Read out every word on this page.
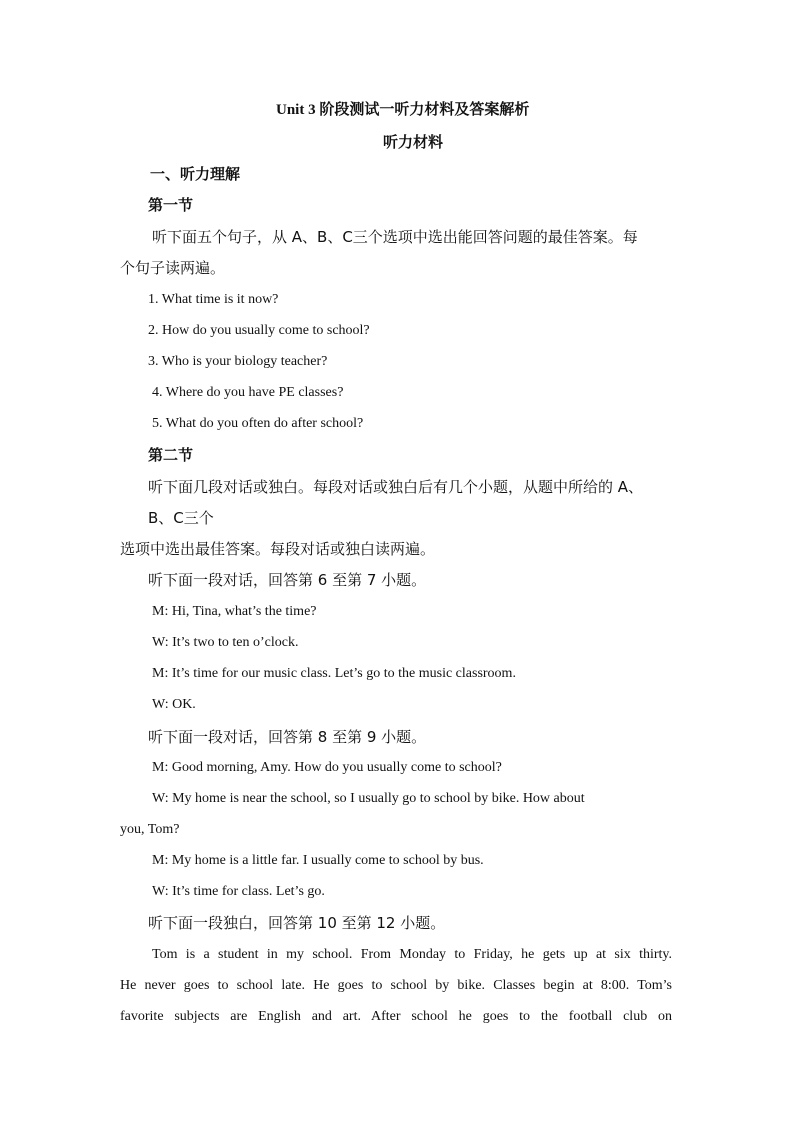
Unit 3 阶段测试一听力材料及答案解析
听力材料
一、听力理解
第一节
听下面五个句子，从 A、B、C三个选项中选出能回答问题的最佳答案。每
个句子读两遍。
1. What time is it now?
2. How do you usually come to school?
3. Who is your biology teacher?
4. Where do you have PE classes?
5. What do you often do after school?
第二节
听下面几段对话或独白。每段对话或独白后有几个小题，从题中所给的 A、
B、C三个
选项中选出最佳答案。每段对话或独白读两遍。
听下面一段对话，回答第 6 至第 7 小题。
M: Hi, Tina, what’s the time?
W: It’s two to ten o’clock.
M: It’s time for our music class. Let’s go to the music classroom.
W: OK.
听下面一段对话，回答第 8 至第 9 小题。
M: Good morning, Amy. How do you usually come to school?
W: My home is near the school, so I usually go to school by bike. How about
you, Tom?
M: My home is a little far. I usually come to school by bus.
W: It’s time for class. Let’s go.
听下面一段独白，回答第 10 至第 12 小题。
Tom is a student in my school. From Monday to Friday, he gets up at six thirty.
He never goes to school late. He goes to school by bike. Classes begin at 8:00. Tom’s
favorite subjects are English and art. After school he goes to the football club on
